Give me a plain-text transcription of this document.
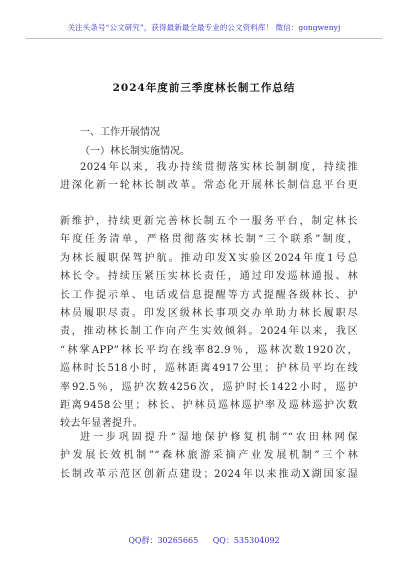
关注头条号“公文研究”，获得最新最全最专业的公文资料库！ 微信：gongwenyj
2024年度前三季度林长制工作总结
一、工作开展情况
（一）林长制实施情况。
2024年以来，我办持续贯彻落实林长制制度，持续推
进深化新一轮林长制改革。常态化开展林长制信息平台更
新维护，持续更新完善林长制五个一服务平台，制定林长
年度任务清单，严格贯彻落实林长制“三个联系”制度，
为林长履职保驾护航。推动印发X实验区2024年度1号总
林长令。持续压紧压实林长责任，通过印发巡林通报、林
长工作提示单、电话或信息提醒等方式提醒各级林长、护
林员履职尽责。印发区级林长事项交办单助力林长履职尽
责，推动林长制工作向产生实效倾斜。2024年以来，我区
“林掌APP”林长平均在线率82.9％，巡林次数1920次，
巡林时长518小时，巡林距离4917公里；护林员平均在线
率92.5％，巡护次数4256次，巡护时长1422小时，巡护
距离9458公里；林长、护林员巡林巡护率及巡林巡护次数
较去年显著提升。
进一步巩固提升“湿地保护修复机制”“农田林网保
护发展长效机制”“森林旅游采摘产业发展机制”三个林
长制改革示范区创新点建设；2024年以来推动X湖国家湿
QQ群：30265665 QQ：535304092
